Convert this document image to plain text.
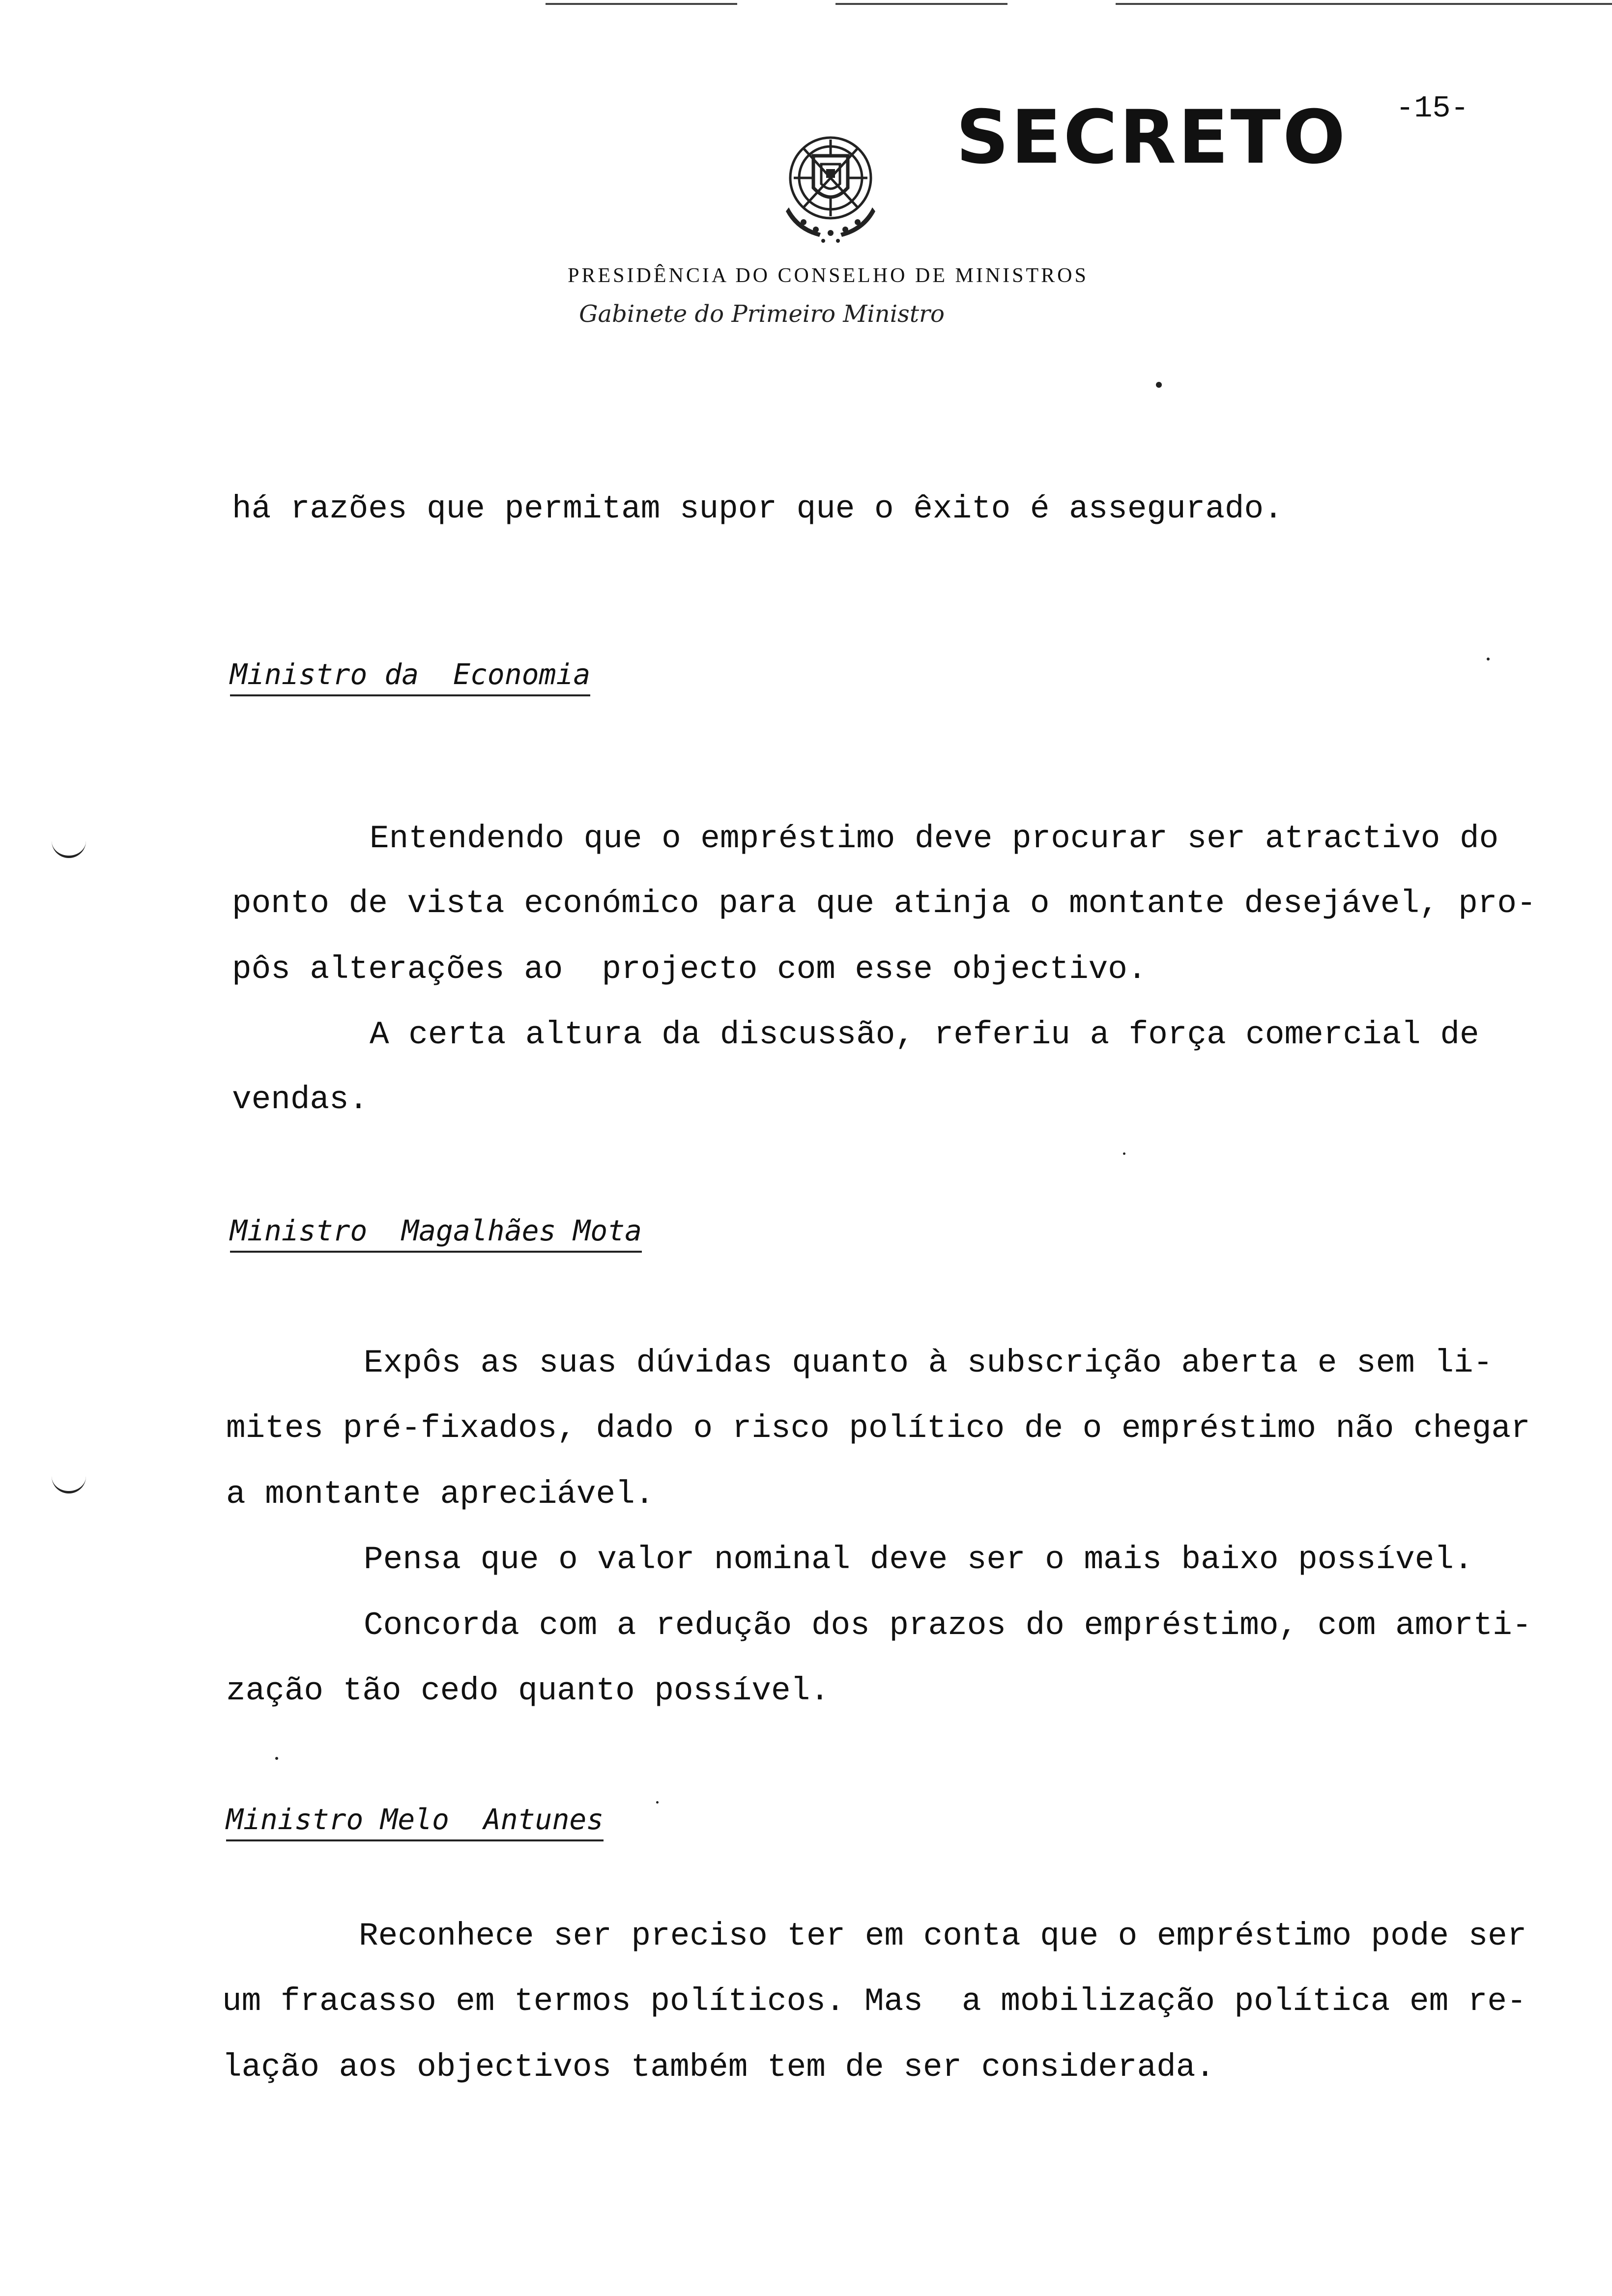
SECRETO -15-
PRESIDÊNCIA DO CONSELHO DE MINISTROS
Gabinete do Primeiro Ministro
há razões que permitam supor que o êxito é assegurado.
Ministro da  Economia
Entendendo que o empréstimo deve procurar ser atractivo do
ponto de vista económico para que atinja o montante desejável, pro-
pôs alterações ao  projecto com esse objectivo.
A certa altura da discussão, referiu a força comercial de
vendas.
Ministro  Magalhães Mota
Expôs as suas dúvidas quanto à subscrição aberta e sem li-
mites pré-fixados, dado o risco político de o empréstimo não chegar
a montante apreciável.
Pensa que o valor nominal deve ser o mais baixo possível.
Concorda com a redução dos prazos do empréstimo, com amorti-
zação tão cedo quanto possível.
Ministro Melo  Antunes
Reconhece ser preciso ter em conta que o empréstimo pode ser
um fracasso em termos políticos. Mas  a mobilização política em re-
lação aos objectivos também tem de ser considerada.
